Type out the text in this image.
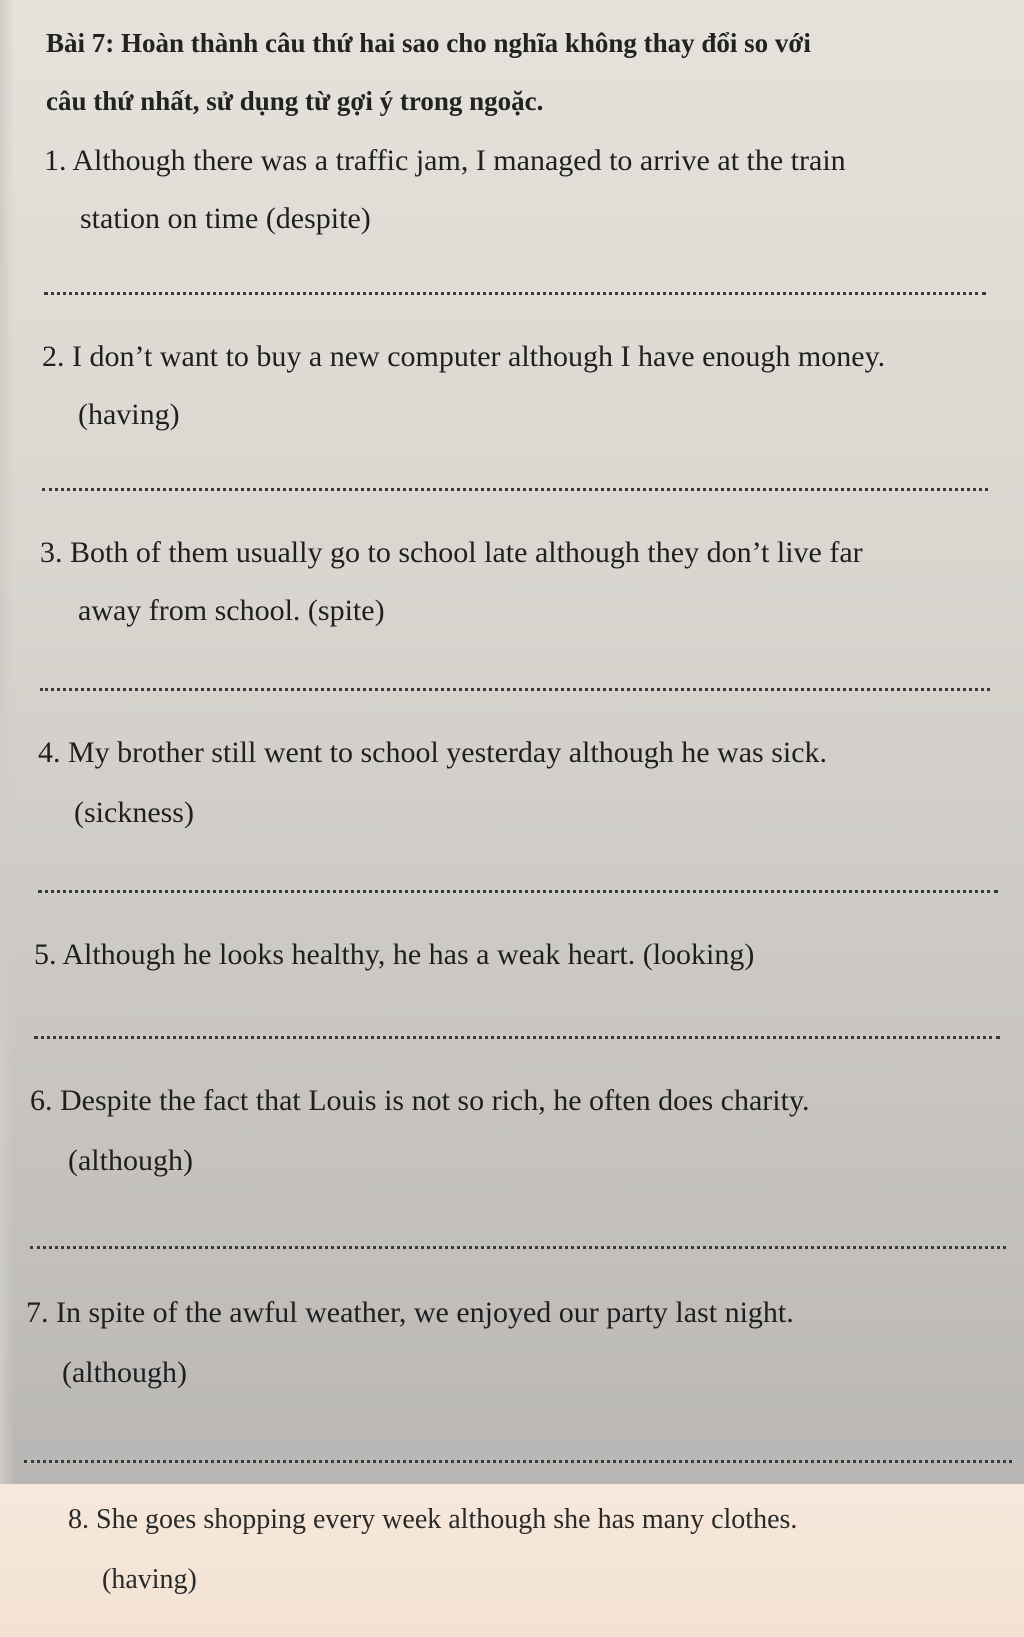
Bài 7: Hoàn thành câu thứ hai sao cho nghĩa không thay đổi so với
câu thứ nhất, sử dụng từ gợi ý trong ngoặc.
1. Although there was a traffic jam, I managed to arrive at the train
station on time (despite)
2. I don’t want to buy a new computer although I have enough money.
(having)
3. Both of them usually go to school late although they don’t live far
away from school. (spite)
4. My brother still went to school yesterday although he was sick.
(sickness)
5. Although he looks healthy, he has a weak heart. (looking)
6. Despite the fact that Louis is not so rich, he often does charity.
(although)
7. In spite of the awful weather, we enjoyed our party last night.
(although)
8. She goes shopping every week although she has many clothes.
(having)
